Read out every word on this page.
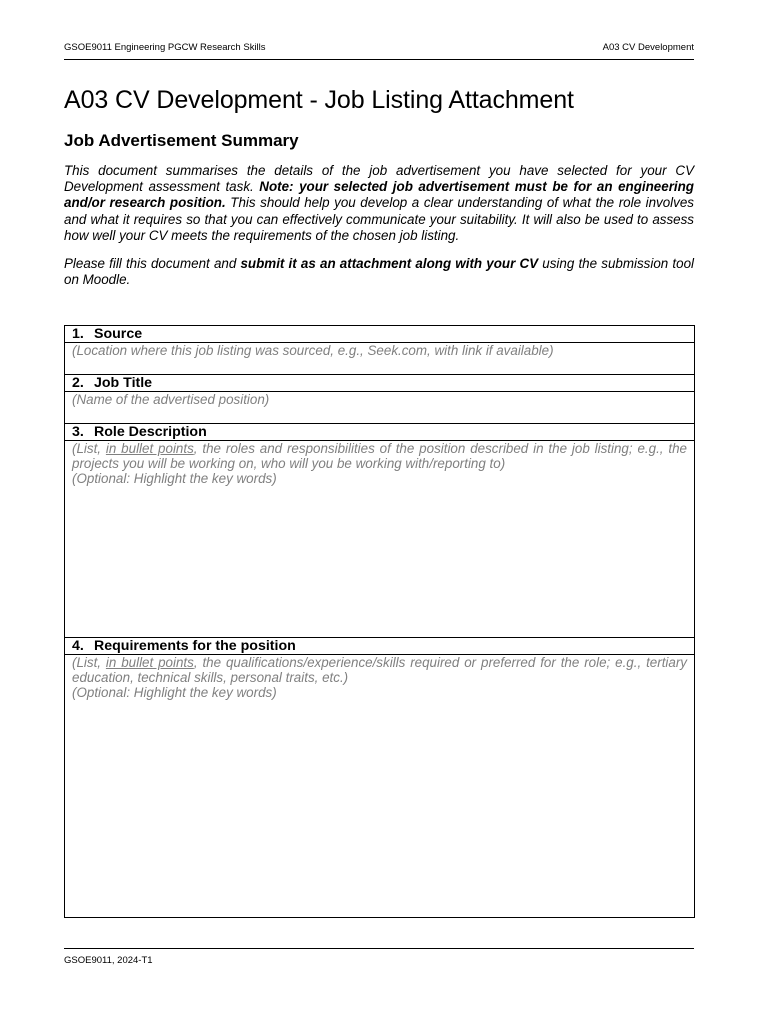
GSOE9011 Engineering PGCW Research Skills	A03 CV Development
A03 CV Development - Job Listing Attachment
Job Advertisement Summary

This document summarises the details of the job advertisement you have selected for your CV Development assessment task. Note: your selected job advertisement must be for an engineering and/or research position. This should help you develop a clear understanding of what the role involves and what it requires so that you can effectively communicate your suitability. It will also be used to assess how well your CV meets the requirements of the chosen job listing.

Please fill this document and submit it as an attachment along with your CV using the submission tool on Moodle.

1. Source
(Location where this job listing was sourced, e.g., Seek.com, with link if available)
2. Job Title
(Name of the advertised position)
3. Role Description
(List, in bullet points, the roles and responsibilities of the position described in the job listing; e.g., the projects you will be working on, who will you be working with/reporting to)
(Optional: Highlight the key words)
4. Requirements for the position
(List, in bullet points, the qualifications/experience/skills required or preferred for the role; e.g., tertiary education, technical skills, personal traits, etc.)
(Optional: Highlight the key words)
GSOE9011, 2024-T1
